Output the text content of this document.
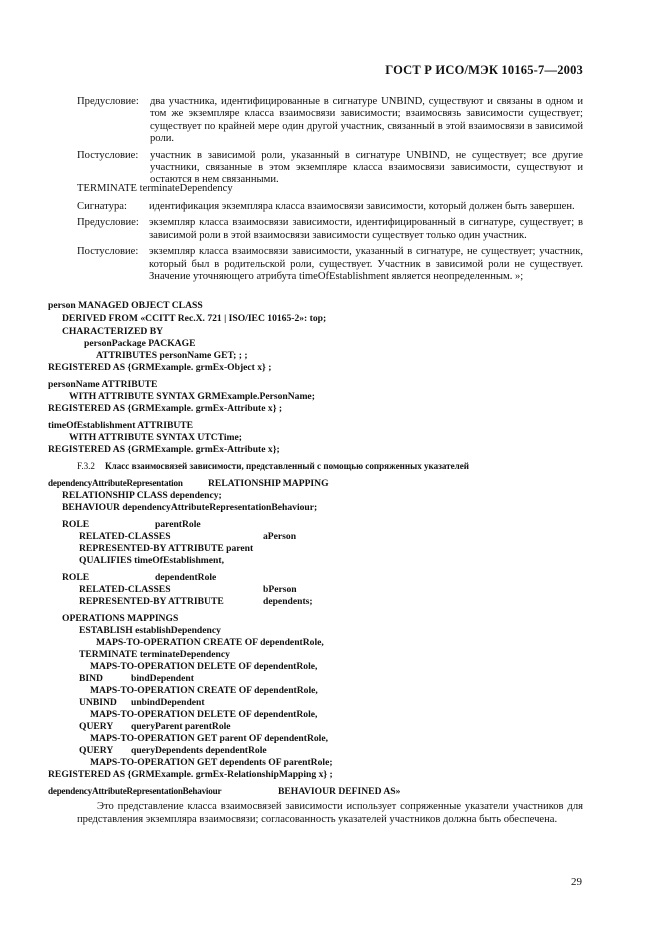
ГОСТ Р ИСО/МЭК 10165-7—2003
Предусловие:	два участника, идентифицированные в сигнатуре UNBIND, существуют и связаны в одном и том же экземпляре класса взаимосвязи зависимости; взаимосвязь зависимости существует; существует по крайней мере один другой участник, связанный в этой взаимосвязи в зависимой роли.
Постусловие:	участник в зависимой роли, указанный в сигнатуре UNBIND, не существует; все другие участники, связанные в этом экземпляре класса взаимосвязи зависимости, существуют и остаются в нем связанными.
TERMINATE terminateDependency
Сигнатура:	идентификация экземпляра класса взаимосвязи зависимости, который должен быть завершен.
Предусловие: экземпляр класса взаимосвязи зависимости, идентифицированный в сигнатуре, существует; в зависимой роли в этой взаимосвязи зависимости существует только один участник.
Постусловие:	экземпляр класса взаимосвязи зависимости, указанный в сигнатуре, не существует; участник, который был в родительской роли, существует. Участник в зависимой роли не существует. Значение уточняющего атрибута timeOfEstablishment является неопределенным. »;
person MANAGED OBJECT CLASS
DERIVED FROM «CCITT Rec.X. 721 | ISO/IEC 10165-2»: top;
CHARACTERIZED BY
personPackage PACKAGE
ATTRIBUTES personName GET; ; ;
REGISTERED AS {GRMExample. grmEx-Object x} ;
personName ATTRIBUTE
WITH ATTRIBUTE SYNTAX GRMExample.PersonName;
REGISTERED AS {GRMExample. grmEx-Attribute x} ;
timeOfEstablishment ATTRIBUTE
WITH ATTRIBUTE SYNTAX UTCTime;
REGISTERED AS {GRMExample. grmEx-Attribute x};
F.3.2 Класс взаимосвязей зависимости, представленный с помощью сопряженных указателей
dependencyAttributeRepresentation	RELATIONSHIP MAPPING
RELATIONSHIP CLASS dependency;
BEHAVIOUR dependencyAttributeRepresentationBehaviour;
ROLE	parentRole
RELATED-CLASSES	aPerson
REPRESENTED-BY ATTRIBUTE parent
QUALIFIES timeOfEstablishment,
ROLE	dependentRole
RELATED-CLASSES	bPerson
REPRESENTED-BY ATTRIBUTE	dependents;
OPERATIONS MAPPINGS
ESTABLISH establishDependency
MAPS-TO-OPERATION CREATE OF dependentRole,
TERMINATE terminateDependency
MAPS-TO-OPERATION DELETE OF dependentRole,
BIND	bindDependent
MAPS-TO-OPERATION CREATE OF dependentRole,
UNBIND unbindDependent
MAPS-TO-OPERATION DELETE OF dependentRole,
QUERY queryParent parentRole
MAPS-TO-OPERATION GET parent OF dependentRole,
QUERY queryDependents dependentRole
MAPS-TO-OPERATION GET dependents OF parentRole;
REGISTERED AS {GRMExample. grmEx-RelationshipMapping x} ;
dependencyAttributeRepresentationBehaviour	BEHAVIOUR DEFINED AS»
Это представление класса взаимосвязей зависимости использует сопряженные указатели участников для представления экземпляра взаимосвязи; согласованность указателей участников должна быть обеспечена.
29
